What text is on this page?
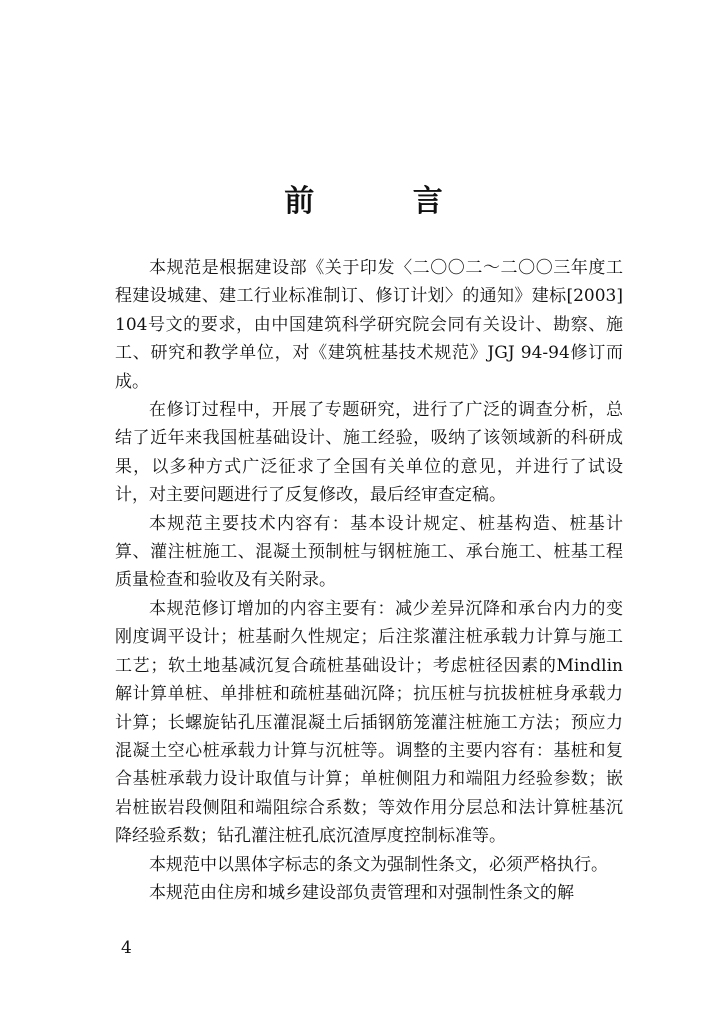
前 言

本规范是根据建设部《关于印发〈二〇〇二～二〇〇三年度工程建设城建、建工行业标准制订、修订计划〉的通知》建标[2003]104号文的要求，由中国建筑科学研究院会同有关设计、勘察、施工、研究和教学单位，对《建筑桩基技术规范》JGJ 94-94修订而成。

在修订过程中，开展了专题研究，进行了广泛的调查分析，总结了近年来我国桩基础设计、施工经验，吸纳了该领域新的科研成果，以多种方式广泛征求了全国有关单位的意见，并进行了试设计，对主要问题进行了反复修改，最后经审查定稿。

本规范主要技术内容有：基本设计规定、桩基构造、桩基计算、灌注桩施工、混凝土预制桩与钢桩施工、承台施工、桩基工程质量检查和验收及有关附录。

本规范修订增加的内容主要有：减少差异沉降和承台内力的变刚度调平设计；桩基耐久性规定；后注浆灌注桩承载力计算与施工工艺；软土地基减沉复合疏桩基础设计；考虑桩径因素的Mindlin解计算单桩、单排桩和疏桩基础沉降；抗压桩与抗拔桩桩身承载力计算；长螺旋钻孔压灌混凝土后插钢筋笼灌注桩施工方法；预应力混凝土空心桩承载力计算与沉桩等。调整的主要内容有：基桩和复合基桩承载力设计取值与计算；单桩侧阻力和端阻力经验参数；嵌岩桩嵌岩段侧阻和端阻综合系数；等效作用分层总和法计算桩基沉降经验系数；钻孔灌注桩孔底沉渣厚度控制标准等。

本规范中以黑体字标志的条文为强制性条文，必须严格执行。

本规范由住房和城乡建设部负责管理和对强制性条文的解

4
